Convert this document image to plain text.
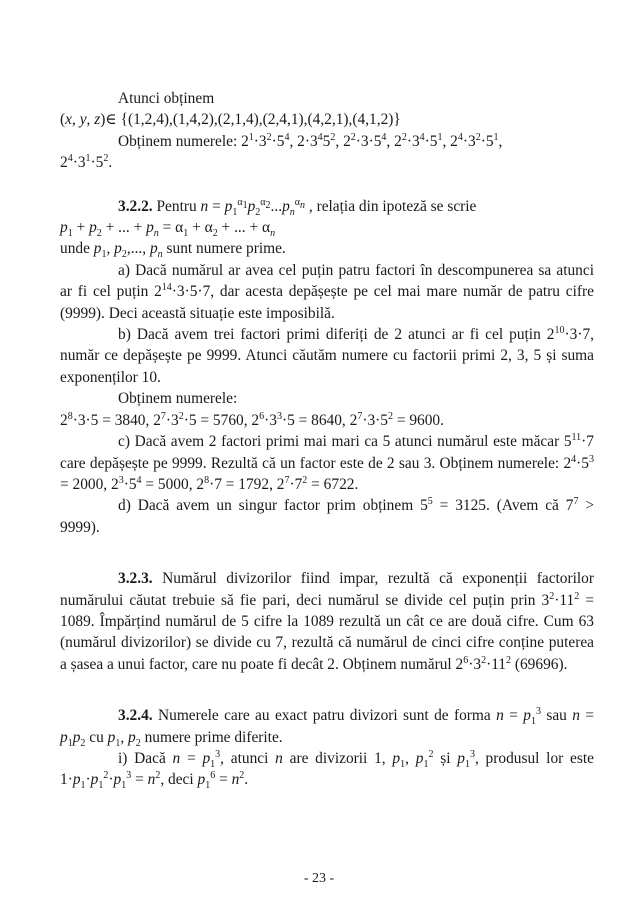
Atunci obținem

(x, y, z)∈ {(1,2,4),(1,4,2),(2,1,4),(2,4,1),(4,2,1),(4,1,2)}

Obținem numerele: $2^1\cdot 3^2\cdot 5^4$, $2\cdot 3^45^2$, $2^2\cdot 3\cdot 5^4$, $2^2\cdot 3^4\cdot 5^1$, $2^4\cdot 3^2\cdot 5^1$,

$2^4\cdot 3^1\cdot 5^2$.

3.2.2. Pentru $n = p_1^{\alpha_1}p_2^{\alpha_2}...p_n^{\alpha_n}$ , relația din ipoteză se scrie

$p_1 + p_2$ + ... + $p_n = \alpha_1 + \alpha_2$ + ... + $\alpha_n$

unde $p_1$, $p_2$,..., $p_n$ sunt numere prime.

a) Dacă numărul ar avea cel puțin patru factori în descompunerea sa atunci ar fi cel puțin $2^{14}\cdot 3\cdot 5\cdot 7$, dar acesta depășește pe cel mai mare număr de patru cifre (9999). Deci această situație este imposibilă.

b) Dacă avem trei factori primi diferiți de 2 atunci ar fi cel puțin $2^{10}\cdot 3\cdot 7$, număr ce depășește pe 9999. Atunci căutăm numere cu factorii primi 2, 3, 5 și suma exponenților 10.

Obținem numerele:

$2^8\cdot 3\cdot 5 = 3840$, $2^7\cdot 3^2\cdot 5 = 5760$, $2^6\cdot 3^3\cdot 5 = 8640$, $2^7\cdot 3\cdot 5^2 = 9600$.

c) Dacă avem 2 factori primi mai mari ca 5 atunci numărul este măcar $5^{11}\cdot 7$ care depășește pe 9999. Rezultă că un factor este de 2 sau 3. Obținem numerele: $2^4\cdot 5^3 = 2000$, $2^3\cdot 5^4 = 5000$, $2^8\cdot 7 = 1792$, $2^7\cdot 7^2 = 6722$.

d) Dacă avem un singur factor prim obținem $5^5 = 3125$. (Avem că $7^7 > 9999$).

3.2.3. Numărul divizorilor fiind impar, rezultă că exponenții factorilor numărului căutat trebuie să fie pari, deci numărul se divide cel puțin prin $3^2\cdot 11^2 = 1089$. Împărțind numărul de 5 cifre la 1089 rezultă un cât ce are două cifre. Cum 63 (numărul divizorilor) se divide cu 7, rezultă că numărul de cinci cifre conține puterea a șasea a unui factor, care nu poate fi decât 2. Obținem numărul $2^6\cdot 3^2\cdot 11^2$ (69696).

3.2.4. Numerele care au exact patru divizori sunt de forma $n = p_1^3$ sau $n = p_1p_2$ cu $p_1$, $p_2$ numere prime diferite.

i) Dacă $n = p_1^3$, atunci n are divizorii 1, $p_1$, $p_1^2$ și $p_1^3$, produsul lor este $1\cdot p_1\cdot p_1^2\cdot p_1^3 = n^2$, deci $p_1^6 = n^2$.

- 23 -
